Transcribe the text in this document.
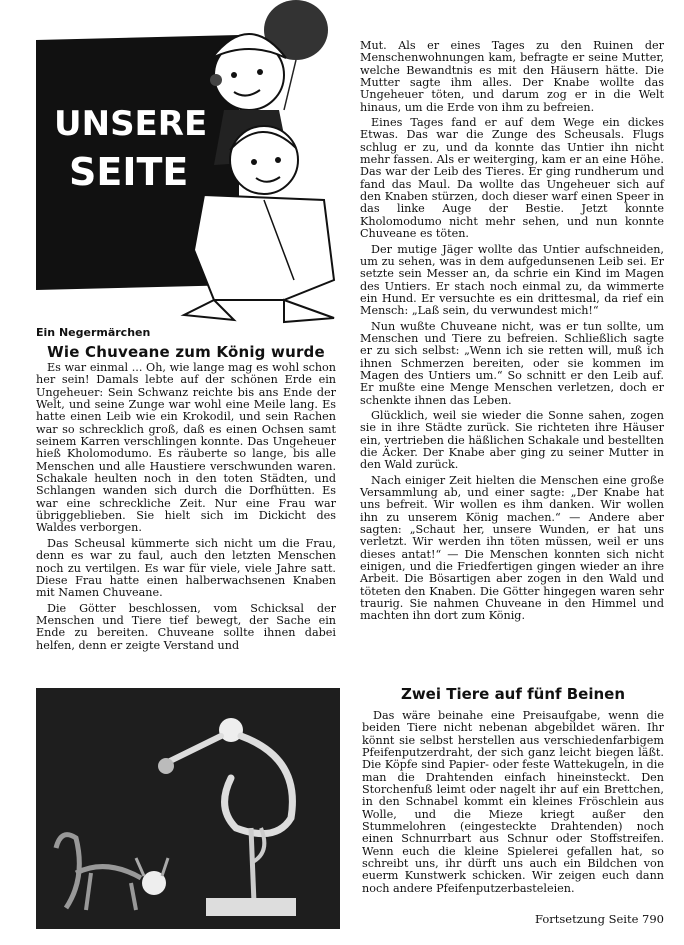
UNSERE
SEITE
Ein Negermärchen
Wie Chuveane zum König wurde

Es war einmal ... Oh, wie lange mag es wohl schon her sein! Damals lebte auf der schönen Erde ein Ungeheuer: Sein Schwanz reichte bis ans Ende der Welt, und seine Zunge war wohl eine Meile lang. Es hatte einen Leib wie ein Krokodil, und sein Rachen war so schrecklich groß, daß es einen Ochsen samt seinem Karren verschlingen konnte. Das Ungeheuer hieß Kholomodumo. Es räuberte so lange, bis alle Menschen und alle Haustiere verschwunden waren. Schakale heulten noch in den toten Städten, und Schlangen wanden sich durch die Dorfhütten. Es war eine schreckliche Zeit. Nur eine Frau war übriggeblieben. Sie hielt sich im Dickicht des Waldes verborgen.

Das Scheusal kümmerte sich nicht um die Frau, denn es war zu faul, auch den letzten Menschen noch zu vertilgen. Es war für viele, viele Jahre satt. Diese Frau hatte einen halberwachsenen Knaben mit Namen Chuveane.

Die Götter beschlossen, vom Schicksal der Menschen und Tiere tief bewegt, der Sache ein Ende zu bereiten. Chuveane sollte ihnen dabei helfen, denn er zeigte Verstand und

Mut. Als er eines Tages zu den Ruinen der Menschenwohnungen kam, befragte er seine Mutter, welche Bewandtnis es mit den Häusern hätte. Die Mutter sagte ihm alles. Der Knabe wollte das Ungeheuer töten, und darum zog er in die Welt hinaus, um die Erde von ihm zu befreien.

Eines Tages fand er auf dem Wege ein dickes Etwas. Das war die Zunge des Scheusals. Flugs schlug er zu, und da konnte das Untier ihn nicht mehr fassen. Als er weiterging, kam er an eine Höhe. Das war der Leib des Tieres. Er ging rundherum und fand das Maul. Da wollte das Ungeheuer sich auf den Knaben stürzen, doch dieser warf einen Speer in das linke Auge der Bestie. Jetzt konnte Kholomodumo nicht mehr sehen, und nun konnte Chuveane es töten.

Der mutige Jäger wollte das Untier aufschneiden, um zu sehen, was in dem aufgedunsenen Leib sei. Er setzte sein Messer an, da schrie ein Kind im Magen des Untiers. Er stach noch einmal zu, da wimmerte ein Hund. Er versuchte es ein drittesmal, da rief ein Mensch: „Laß sein, du verwundest mich!“

Nun wußte Chuveane nicht, was er tun sollte, um Menschen und Tiere zu befreien. Schließlich sagte er zu sich selbst: „Wenn ich sie retten will, muß ich ihnen Schmerzen bereiten, oder sie kommen im Magen des Untiers um.“ So schnitt er den Leib auf. Er mußte eine Menge Menschen verletzen, doch er schenkte ihnen das Leben.

Glücklich, weil sie wieder die Sonne sahen, zogen sie in ihre Städte zurück. Sie richteten ihre Häuser ein, vertrieben die häßlichen Schakale und bestellten die Äcker. Der Knabe aber ging zu seiner Mutter in den Wald zurück.

Nach einiger Zeit hielten die Menschen eine große Versammlung ab, und einer sagte: „Der Knabe hat uns befreit. Wir wollen es ihm danken. Wir wollen ihn zu unserem König machen.“ — Andere aber sagten: „Schaut her, unsere Wunden, er hat uns verletzt. Wir werden ihn töten müssen, weil er uns dieses antat!“ — Die Menschen konnten sich nicht einigen, und die Friedfertigen gingen wieder an ihre Arbeit. Die Bösartigen aber zogen in den Wald und töteten den Knaben. Die Götter hingegen waren sehr traurig. Sie nahmen Chuveane in den Himmel und machten ihn dort zum König.

Zwei Tiere auf fünf Beinen

Das wäre beinahe eine Preisaufgabe, wenn die beiden Tiere nicht nebenan abgebildet wären. Ihr könnt sie selbst herstellen aus verschiedenfarbigem Pfeifenputzerdraht, der sich ganz leicht biegen läßt. Die Köpfe sind Papier- oder feste Wattekugeln, in die man die Drahtenden einfach hineinsteckt. Den Storchenfuß leimt oder nagelt ihr auf ein Brettchen, in den Schnabel kommt ein kleines Fröschlein aus Wolle, und die Mieze kriegt außer den Stummelohren (eingesteckte Drahtenden) noch einen Schnurrbart aus Schnur oder Stoffstreifen. Wenn euch die kleine Spielerei gefallen hat, so schreibt uns, ihr dürft uns auch ein Bildchen von euerm Kunstwerk schicken. Wir zeigen euch dann noch andere Pfeifenputzerbasteleien.

Fortsetzung Seite 790
